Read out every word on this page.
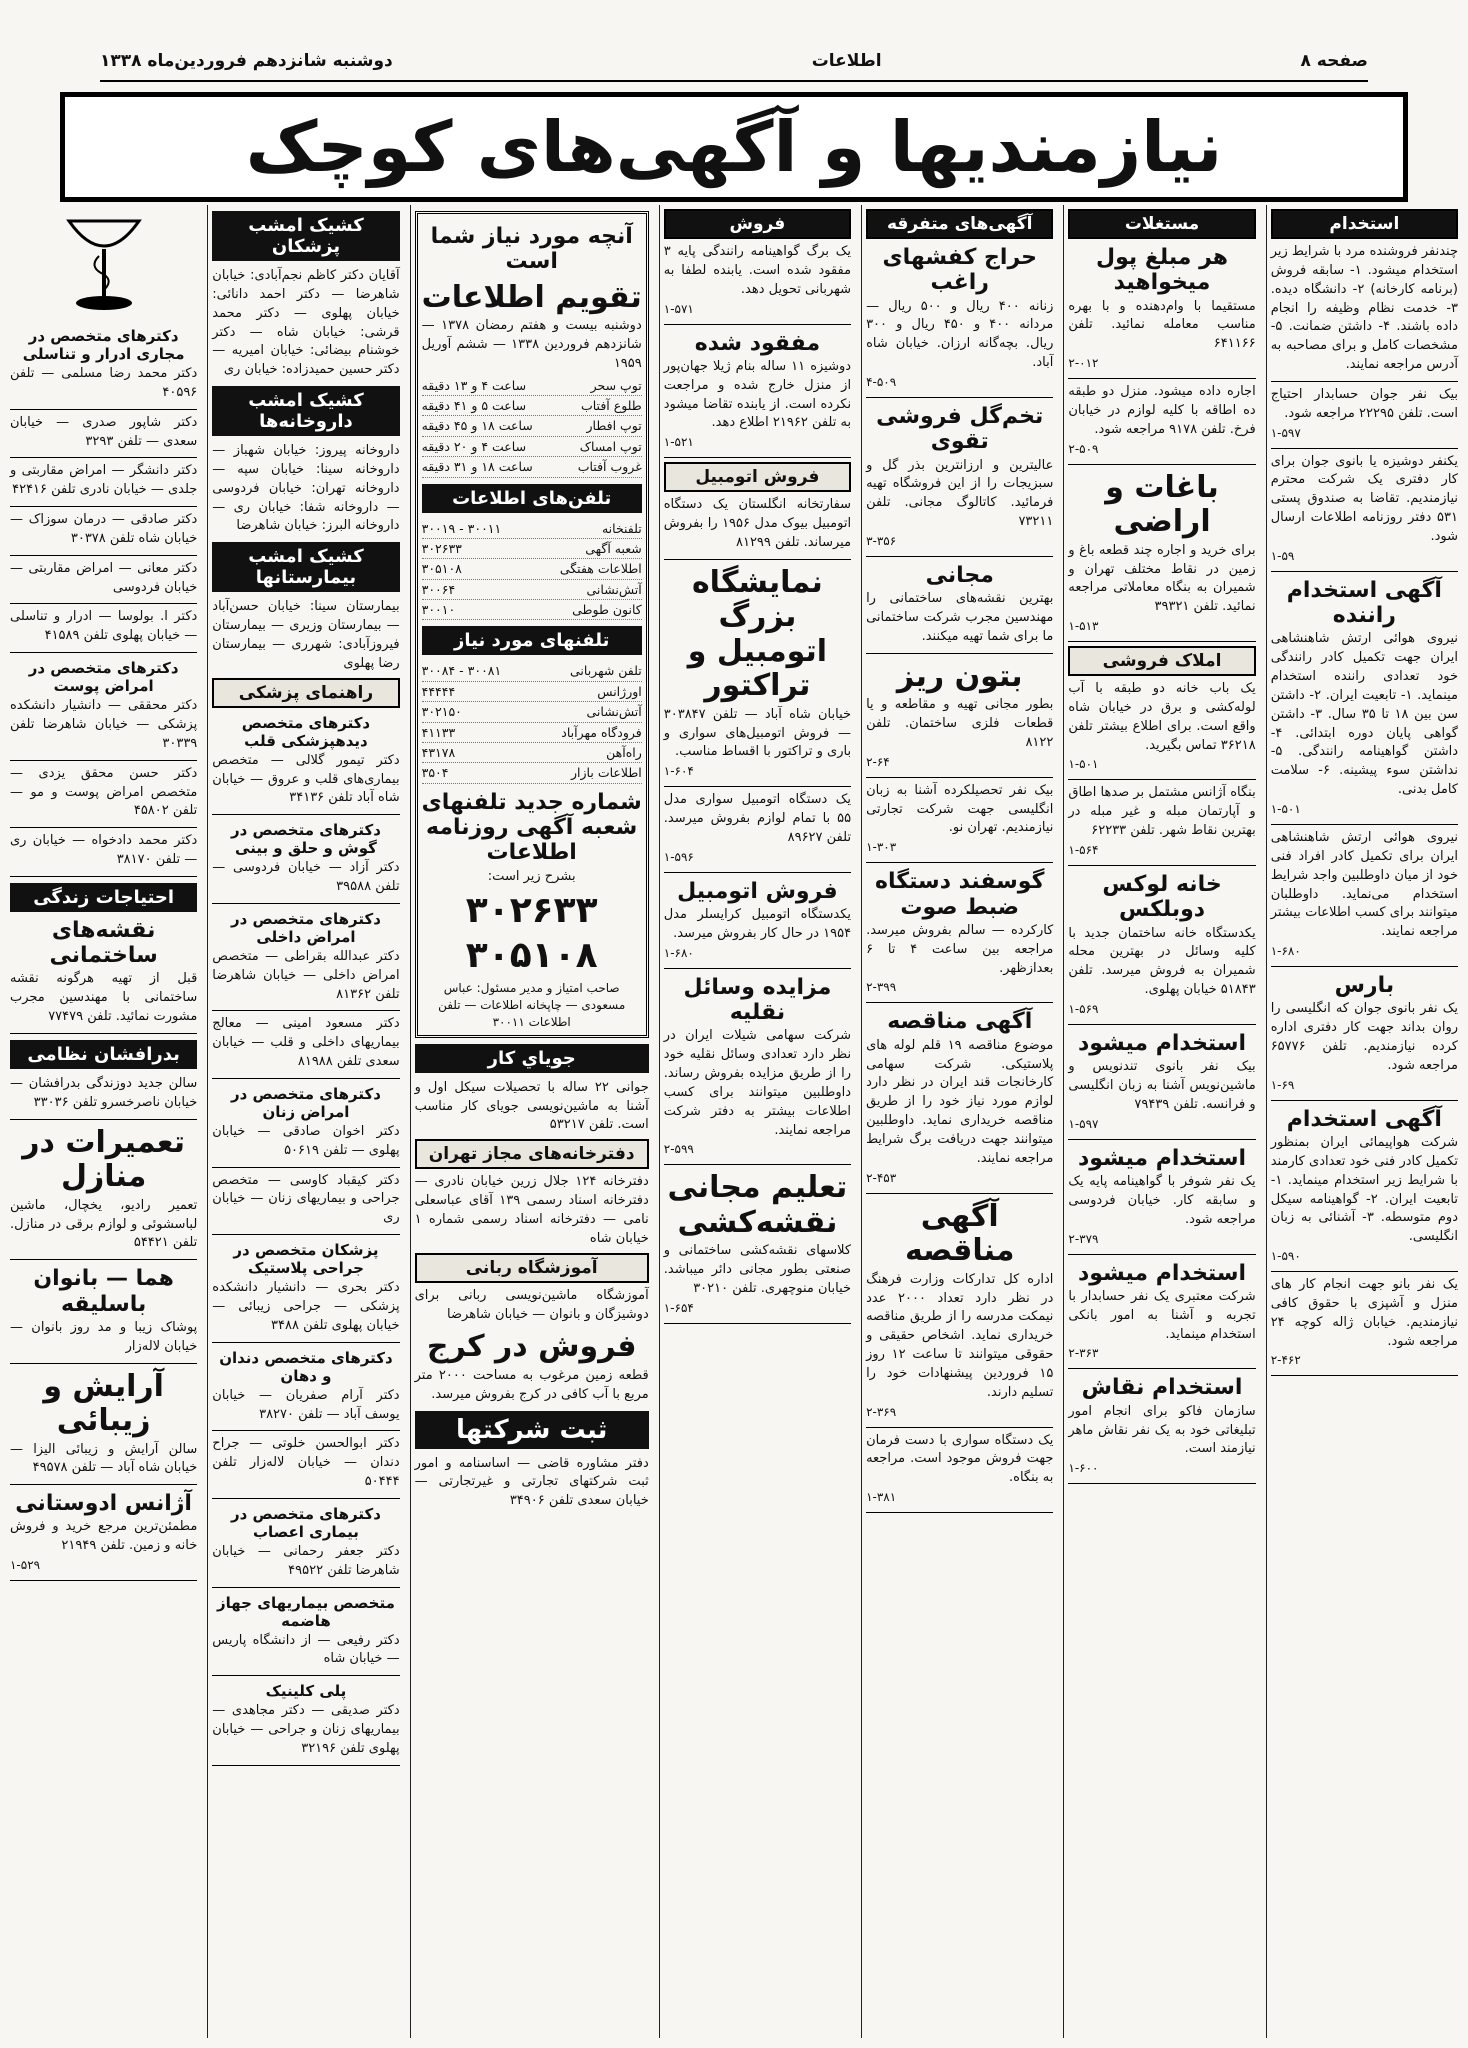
صفحه ۸
اطلاعات
دوشنبه شانزدهم فروردین‌ماه ۱۳۳۸
نیازمندیها و آگهی‌های کوچک
استخدام
چندنفر فروشنده مرد با شرایط زیر استخدام میشود. ۱- سابقه فروش (برنامه کارخانه) ۲- دانشگاه دیده. ۳- خدمت نظام وظیفه را انجام داده باشند. ۴- داشتن ضمانت. ۵- مشخصات کامل و برای مصاحبه به آدرس مراجعه نمایند.
بیک نفر جوان حسابدار احتیاج است. تلفن ۲۲۲۹۵ مراجعه شود.
۱-۵۹۷
یکنفر دوشیزه یا بانوی جوان برای کار دفتری یک شرکت محترم نیازمندیم. تقاضا به صندوق پستی ۵۳۱ دفتر روزنامه اطلاعات ارسال شود.
۱-۵۹
آگهی استخدام راننده
نیروی هوائی ارتش شاهنشاهی ایران جهت تکمیل کادر رانندگی خود تعدادی راننده استخدام مینماید. ۱- تابعیت ایران. ۲- داشتن سن بین ۱۸ تا ۳۵ سال. ۳- داشتن گواهی پایان دوره ابتدائی. ۴- داشتن گواهینامه رانندگی. ۵- نداشتن سوء پیشینه. ۶- سلامت کامل بدنی.
۱-۵۰۱
نیروی هوائی ارتش شاهنشاهی ایران برای تکمیل کادر افراد فنی خود از میان داوطلبین واجد شرایط استخدام می‌نماید. داوطلبان میتوانند برای کسب اطلاعات بیشتر مراجعه نمایند.
۱-۶۸۰
بارس
یک نفر بانوی جوان که انگلیسی را روان بداند جهت کار دفتری اداره کرده نیازمندیم. تلفن ۶۵۷۷۶ مراجعه شود.
۱-۶۹
آگهی استخدام
شرکت هواپیمائی ایران بمنظور تکمیل کادر فنی خود تعدادی کارمند با شرایط زیر استخدام مینماید. ۱- تابعیت ایران. ۲- گواهینامه سیکل دوم متوسطه. ۳- آشنائی به زبان انگلیسی.
۱-۵۹۰
یک نفر بانو جهت انجام کار های منزل و آشپزی با حقوق کافی نیازمندیم. خیابان ژاله کوچه ۲۴ مراجعه شود.
۲-۴۶۲
مستغلات
هر مبلغ پول میخواهید
مستقیما با وام‌دهنده و با بهره مناسب معامله نمائید. تلفن ۶۴۱۱۶۶
۲-۰۱۲
اجاره داده میشود. منزل دو طبقه ده اطاقه با کلیه لوازم در خیابان فرخ. تلفن ۹۱۷۸ مراجعه شود.
۲-۵۰۹
باغات و اراضی
برای خرید و اجاره چند قطعه باغ و زمین در نقاط مختلف تهران و شمیران به بنگاه معاملاتی مراجعه نمائید. تلفن ۳۹۳۲۱
۱-۵۱۳
املاک فروشی
یک باب خانه دو طبقه با آب لوله‌کشی و برق در خیابان شاه واقع است. برای اطلاع بیشتر تلفن ۳۶۲۱۸ تماس بگیرید.
۱-۵۰۱
بنگاه آژانس مشتمل بر صدها اطاق و آپارتمان مبله و غیر مبله در بهترین نقاط شهر. تلفن ۶۲۲۳۳
۱-۵۶۴
خانه لوکس دوبلکس
یکدستگاه خانه ساختمان جدید با کلیه وسائل در بهترین محله شمیران به فروش میرسد. تلفن ۵۱۸۴۳ خیابان پهلوی.
۱-۵۶۹
استخدام میشود
بیک نفر بانوی تندنویس و ماشین‌نویس آشنا به زبان انگلیسی و فرانسه. تلفن ۷۹۴۳۹
۱-۵۹۷
استخدام میشود
یک نفر شوفر با گواهینامه پایه یک و سابقه کار. خیابان فردوسی مراجعه شود.
۲-۳۷۹
استخدام میشود
شرکت معتبری یک نفر حسابدار با تجربه و آشنا به امور بانکی استخدام مینماید.
۲-۳۶۳
استخدام نقاش
سازمان فاکو برای انجام امور تبلیغاتی خود به یک نفر نقاش ماهر نیازمند است.
۱-۶۰۰
آگهی‌های متفرقه
حراج کفشهای راغب
زنانه ۴۰۰ ریال و ۵۰۰ ریال — مردانه ۴۰۰ و ۴۵۰ ریال و ۳۰۰ ریال. بچه‌گانه ارزان. خیابان شاه آباد.
۴-۵۰۹
تخم‌گل فروشی تقوی
عالیترین و ارزانترین بذر گل و سبزیجات را از این فروشگاه تهیه فرمائید. کاتالوگ مجانی. تلفن ۷۳۲۱۱
۳-۳۵۶
مجانی
بهترین نقشه‌های ساختمانی را مهندسین مجرب شرکت ساختمانی ما برای شما تهیه میکنند.
بتون ریز
بطور مجانی تهیه و مقاطعه و یا قطعات فلزی ساختمان. تلفن ۸۱۲۲
۲-۶۴
بیک نفر تحصیلکرده آشنا به زبان انگلیسی جهت شرکت تجارتی نیازمندیم. تهران نو.
۱-۳۰۳
گوسفند دستگاه ضبط صوت
کارکرده — سالم بفروش میرسد. مراجعه بین ساعت ۴ تا ۶ بعدازظهر.
۲-۳۹۹
آگهی مناقصه
موضوع مناقصه ۱۹ قلم لوله های پلاستیکی. شرکت سهامی کارخانجات قند ایران در نظر دارد لوازم مورد نیاز خود را از طریق مناقصه خریداری نماید. داوطلبین میتوانند جهت دریافت برگ شرایط مراجعه نمایند.
۲-۴۵۳
آگهی مناقصه
اداره کل تدارکات وزارت فرهنگ در نظر دارد تعداد ۲۰۰۰ عدد نیمکت مدرسه را از طریق مناقصه خریداری نماید. اشخاص حقیقی و حقوقی میتوانند تا ساعت ۱۲ روز ۱۵ فروردین پیشنهادات خود را تسلیم دارند.
۲-۳۶۹
یک دستگاه سواری با دست فرمان جهت فروش موجود است. مراجعه به بنگاه.
۱-۳۸۱
فروش
یک برگ گواهینامه رانندگی پایه ۳ مفقود شده است. یابنده لطفا به شهربانی تحویل دهد.
۱-۵۷۱
مفقود شده
دوشیزه ۱۱ ساله بنام ژیلا جهان‌پور از منزل خارج شده و مراجعت نکرده است. از یابنده تقاضا میشود به تلفن ۲۱۹۶۲ اطلاع دهد.
۱-۵۲۱
فروش اتومبیل
سفارتخانه انگلستان یک دستگاه اتومبیل بیوک مدل ۱۹۵۶ را بفروش میرساند. تلفن ۸۱۲۹۹
نمایشگاه بزرگ اتومبیل و تراکتور
خیابان شاه آباد — تلفن ۳۰۳۸۴۷ — فروش اتومبیل‌های سواری و باری و تراکتور با اقساط مناسب.
۱-۶۰۴
یک دستگاه اتومبیل سواری مدل ۵۵ با تمام لوازم بفروش میرسد. تلفن ۸۹۶۲۷
۱-۵۹۶
فروش اتومبیل
یکدستگاه اتومبیل کرایسلر مدل ۱۹۵۴ در حال کار بفروش میرسد.
۱-۶۸۰
مزایده وسائل نقلیه
شرکت سهامی شیلات ایران در نظر دارد تعدادی وسائل نقلیه خود را از طریق مزایده بفروش رساند. داوطلبین میتوانند برای کسب اطلاعات بیشتر به دفتر شرکت مراجعه نمایند.
۲-۵۹۹
تعلیم مجانی نقشه‌کشی
کلاسهای نقشه‌کشی ساختمانی و صنعتی بطور مجانی دائر میباشد. خیابان منوچهری. تلفن ۳۰۲۱۰
۱-۶۵۴
آنچه مورد نیاز شما است
تقویم اطلاعات
دوشنبه بیست و هفتم رمضان ۱۳۷۸ — شانزدهم فروردین ۱۳۳۸ — ششم آوریل ۱۹۵۹
توپ سحر
ساعت ۴ و ۱۳ دقیقه
طلوع آفتاب
ساعت ۵ و ۴۱ دقیقه
توپ افطار
ساعت ۱۸ و ۴۵ دقیقه
توپ امساک
ساعت ۴ و ۲۰ دقیقه
غروب آفتاب
ساعت ۱۸ و ۳۱ دقیقه
تلفن‌های اطلاعات
تلفنخانه
۳۰۰۱۱ - ۳۰۰۱۹
شعبه آگهی
۳۰۲۶۳۳
اطلاعات هفتگی
۳۰۵۱۰۸
آتش‌نشانی
۳۰۰۶۴
کانون طوطی
۳۰۰۱۰
تلفنهای مورد نیاز
تلفن شهربانی
۳۰۰۸۱ - ۳۰۰۸۴
اورژانس
۴۴۴۴۴
آتش‌نشانی
۳۰۲۱۵۰
فرودگاه مهرآباد
۴۱۱۳۳
راه‌آهن
۴۳۱۷۸
اطلاعات بازار
۳۵۰۴
شماره جدید تلفنهای شعبه آگهی روزنامه اطلاعات
بشرح زیر است:
۳۰۲۶۳۳
۳۰۵۱۰۸
صاحب امتیاز و مدیر مسئول: عباس مسعودی — چاپخانه اطلاعات — تلفن اطلاعات ۳۰۰۱۱
جوياي كار
جوانی ۲۲ ساله با تحصیلات سیکل اول و آشنا به ماشین‌نویسی جویای کار مناسب است. تلفن ۵۳۲۱۷
دفترخانه‌های مجاز تهران
دفترخانه ۱۲۴ جلال زرین خیابان نادری — دفترخانه اسناد رسمی ۱۳۹ آقای عباسعلی نامی — دفترخانه اسناد رسمی شماره ۱ خیابان شاه
آموزشگاه ربانی
آموزشگاه ماشین‌نویسی ربانی برای دوشیزگان و بانوان — خیابان شاهرضا
فروش در کرج
قطعه زمین مرغوب به مساحت ۲۰۰۰ متر مربع با آب کافی در کرج بفروش میرسد.
ثبت شرکتها
دفتر مشاوره قاضی — اساسنامه و امور ثبت شرکتهای تجارتی و غیرتجارتی — خیابان سعدی تلفن ۳۴۹۰۶
کشیک امشب پزشکان
آقایان دکتر کاظم نجم‌آبادی: خیابان شاهرضا — دکتر احمد دانائی: خیابان پهلوی — دکتر محمد قرشی: خیابان شاه — دکتر خوشنام بیضائی: خیابان امیریه — دکتر حسین حمیدزاده: خیابان ری
کشیک امشب داروخانه‌ها
داروخانه پیروز: خیابان شهباز — داروخانه سینا: خیابان سپه — داروخانه تهران: خیابان فردوسی — داروخانه شفا: خیابان ری — داروخانه البرز: خیابان شاهرضا
کشیک امشب بیمارستانها
بیمارستان سینا: خیابان حسن‌آباد — بیمارستان وزیری — بیمارستان فیروزآبادی: شهرری — بیمارستان رضا پهلوی
راهنمای پزشکی
دکترهای متخصص دیدهپزشکی قلب
دکتر تیمور گلالی — متخصص بیماری‌های قلب و عروق — خیابان شاه آباد تلفن ۳۴۱۳۶
دکترهای متخصص در گوش و حلق و بینی
دکتر آزاد — خیابان فردوسی — تلفن ۳۹۵۸۸
دکترهای متخصص در امراض داخلی
دکتر عبدالله بقراطی — متخصص امراض داخلی — خیابان شاهرضا تلفن ۸۱۳۶۲
دکتر مسعود امینی — معالج بیماریهای داخلی و قلب — خیابان سعدی تلفن ۸۱۹۸۸
دکترهای متخصص در امراض زنان
دکتر اخوان صادقی — خیابان پهلوی — تلفن ۵۰۶۱۹
دکتر کیقباد کاوسی — متخصص جراحی و بیماریهای زنان — خیابان ری
پزشکان متخصص در جراحی پلاستیک
دکتر بحری — دانشیار دانشکده پزشکی — جراحی زیبائی — خیابان پهلوی تلفن ۳۴۸۸
دکترهای متخصص دندان و دهان
دکتر آرام صفریان — خیابان یوسف آباد — تلفن ۳۸۲۷۰
دکتر ابوالحسن خلوتی — جراح دندان — خیابان لاله‌زار تلفن ۵۰۴۴۴
دکترهای متخصص در بیماری اعصاب
دکتر جعفر رحمانی — خیابان شاهرضا تلفن ۴۹۵۲۲
متخصص بیماریهای جهاز هاضمه
دکتر رفیعی — از دانشگاه پاریس — خیابان شاه
پلی کلینیک
دکتر صدیقی — دکتر مجاهدی — بیماریهای زنان و جراحی — خیابان پهلوی تلفن ۳۲۱۹۶
دکترهای متخصص در مجاری ادرار و تناسلی
دکتر محمد رضا مسلمی — تلفن ۴۰۵۹۶
دکتر شاپور صدری — خیابان سعدی — تلفن ۳۲۹۳
دکتر دانشگر — امراض مقاربتی و جلدی — خیابان نادری تلفن ۴۲۴۱۶
دکتر صادقی — درمان سوزاک — خیابان شاه تلفن ۳۰۳۷۸
دکتر معانی — امراض مقاربتی — خیابان فردوسی
دکتر ا. بولوسا — ادرار و تناسلی — خیابان پهلوی تلفن ۴۱۵۸۹
دکترهای متخصص در امراض پوست
دکتر محققی — دانشیار دانشکده پزشکی — خیابان شاهرضا تلفن ۳۰۳۳۹
دکتر حسن محقق یزدی — متخصص امراض پوست و مو — تلفن ۴۵۸۰۲
دکتر محمد دادخواه — خیابان ری — تلفن ۳۸۱۷۰
احتیاجات زندگی
نقشه‌های ساختمانی
قبل از تهیه هرگونه نقشه ساختمانی با مهندسین مجرب مشورت نمائید. تلفن ۷۷۴۷۹
بدرافشان نظامی
سالن جدید دوزندگی بدرافشان — خیابان ناصرخسرو تلفن ۳۳۰۳۶
تعمیرات در منازل
تعمیر رادیو، یخچال، ماشین لباسشوئی و لوازم برقی در منازل. تلفن ۵۴۴۲۱
هما — بانوان باسلیقه
پوشاک زیبا و مد روز بانوان — خیابان لاله‌زار
آرایش و زیبائی
سالن آرایش و زیبائی الیزا — خیابان شاه آباد — تلفن ۴۹۵۷۸
آژانس ادوستانی
مطمئن‌ترین مرجع خرید و فروش خانه و زمین. تلفن ۲۱۹۴۹
۱-۵۲۹
